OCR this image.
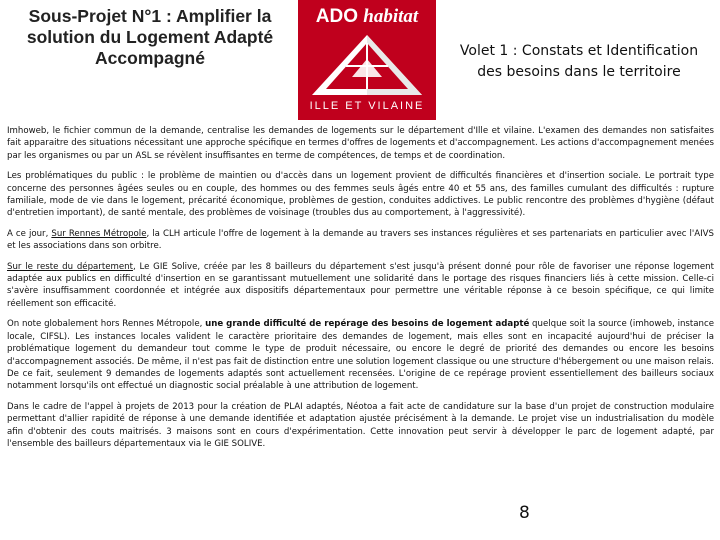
Sous-Projet N°1 : Amplifier la
solution du Logement Adapté
Accompagné
ADO habitat
ILLE ET VILAINE
Volet 1 : Constats et Identification
des besoins dans le territoire

Imhoweb, le fichier commun de la demande, centralise les demandes de logements sur le département d'Ille et vilaine. L'examen des demandes non satisfaites fait apparaitre des situations nécessitant une approche spécifique en termes d'offres de logements et d'accompagnement. Les actions d'accompagnement menées par les organismes ou par un ASL se révèlent insuffisantes en terme de compétences, de temps et de coordination.

Les problématiques du public : le problème de maintien ou d'accès dans un logement provient de difficultés financières et d'insertion sociale. Le portrait type concerne des personnes âgées seules ou en couple, des hommes ou des femmes seuls âgés entre 40 et 55 ans, des familles cumulant des difficultés : rupture familiale, mode de vie dans le logement, précarité économique, problèmes de gestion, conduites addictives. Le public rencontre des problèmes d'hygiène (défaut d'entretien important), de santé mentale, des problèmes de voisinage (troubles dus au comportement, à l'aggressivité).

A ce jour, Sur Rennes Métropole, la CLH articule l'offre de logement à la demande au travers ses instances régulières et ses partenariats en particulier avec l'AIVS et les associations dans son orbitre.

Sur le reste du département, Le GIE Solive, créée par les 8 bailleurs du département s'est jusqu'à présent donné pour rôle de favoriser une réponse logement adaptée aux publics en difficulté d'insertion en se garantissant mutuellement une solidarité dans le portage des risques financiers liés à cette mission. Celle-ci s'avère insuffisamment coordonnée et intégrée aux dispositifs départementaux pour permettre une véritable réponse à ce besoin spécifique, ce qui limite réellement son efficacité.

On note globalement hors Rennes Métropole, une grande difficulté de repérage des besoins de logement adapté quelque soit la source (imhoweb, instance locale, CIFSL). Les instances locales valident le caractère prioritaire des demandes de logement, mais elles sont en incapacité aujourd'hui de préciser la problématique logement du demandeur tout comme le type de produit nécessaire, ou encore le degré de priorité des demandes ou encore les besoins d'accompagnement associés. De même, il n'est pas fait de distinction entre une solution logement classique ou une structure d'hébergement ou une maison relais. De ce fait, seulement 9 demandes de logements adaptés sont actuellement recensées. L'origine de ce repérage provient essentiellement des bailleurs sociaux notamment lorsqu'ils ont effectué un diagnostic social préalable à une attribution de logement.

Dans le cadre de l'appel à projets de 2013 pour la création de PLAI adaptés, Néotoa a fait acte de candidature sur la base d'un projet de construction modulaire permettant d'allier rapidité de réponse à une demande identifiée et adaptation ajustée précisément à la demande. Le projet vise un industrialisation du modèle afin d'obtenir des couts maitrisés. 3 maisons sont en cours d'expérimentation. Cette innovation peut servir à développer le parc de logement adapté, par l'ensemble des bailleurs départementaux via le GIE SOLIVE.

8
